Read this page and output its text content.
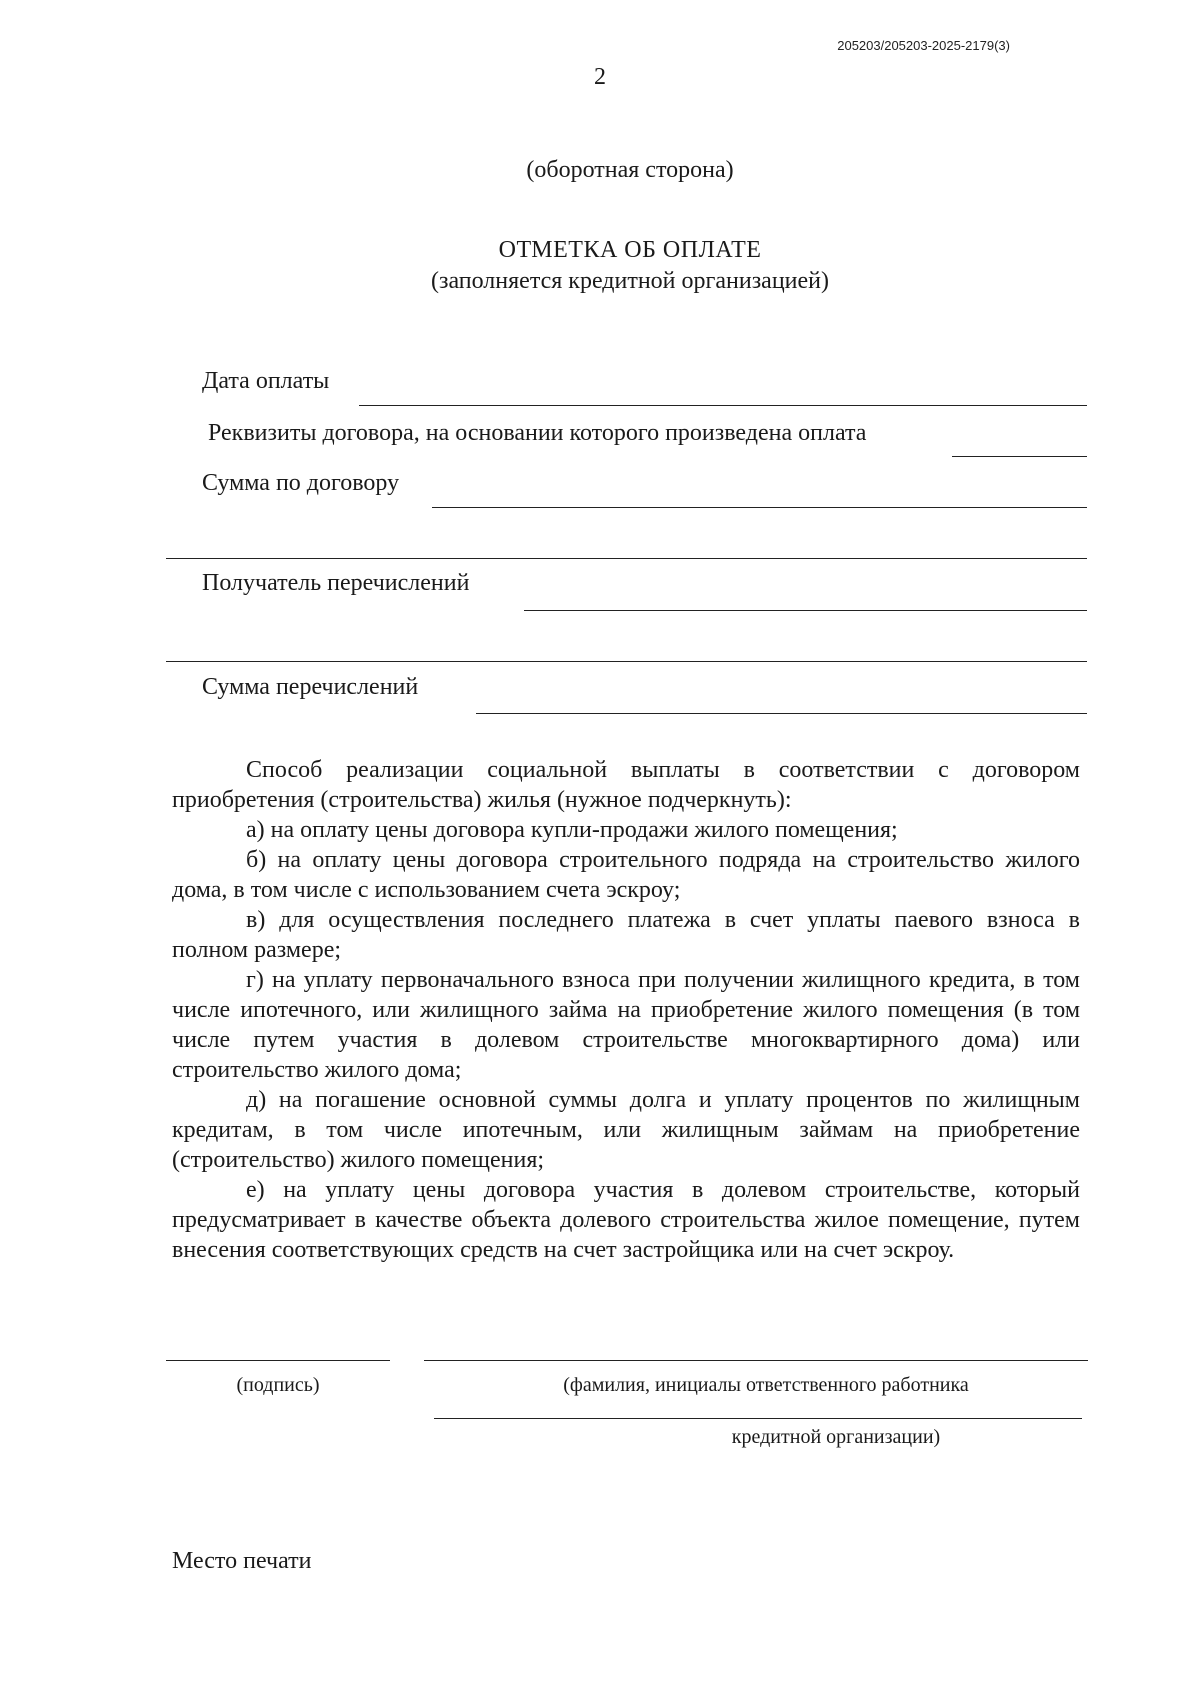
205203/205203-2025-2179(3)
2
(оборотная сторона)
ОТМЕТКА ОБ ОПЛАТЕ
(заполняется кредитной организацией)
Дата оплаты
Реквизиты договора, на основании которого произведена оплата
Сумма по договору
Получатель перечислений
Сумма перечислений

Способ реализации социальной выплаты в соответствии с договором приобретения (строительства) жилья (нужное подчеркнуть):

а) на оплату цены договора купли-продажи жилого помещения;

б) на оплату цены договора строительного подряда на строительство жилого дома, в том числе с использованием счета эскроу;

в) для осуществления последнего платежа в счет уплаты паевого взноса в полном размере;

г) на уплату первоначального взноса при получении жилищного кредита, в том числе ипотечного, или жилищного займа на приобретение жилого помещения (в том числе путем участия в долевом строительстве многоквартирного дома) или строительство жилого дома;

д) на погашение основной суммы долга и уплату процентов по жилищным кредитам, в том числе ипотечным, или жилищным займам на приобретение (строительство) жилого помещения;

е) на уплату цены договора участия в долевом строительстве, который предусматривает в качестве объекта долевого строительства жилое помещение, путем внесения соответствующих средств на счет застройщика или на счет эскроу.

(подпись)	(фамилия, инициалы ответственного работника
кредитной организации)
Место печати
